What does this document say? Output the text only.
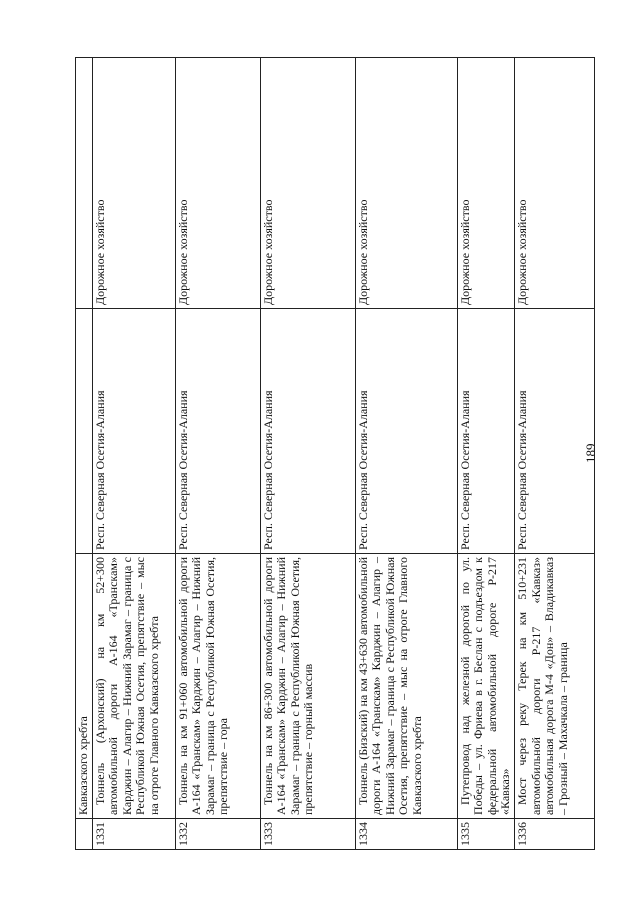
189
	Кавказского хребта		
1331	Тоннель (Архонский) на км 52+300 автомобильной дороги А-164 «Транскам» Карджин – Алагир – Нижний Зарамаг – граница с Республикой Южная Осетия, препятствие – мыс на отроге Главного Кавказского хребта	Респ. Северная Осетия-Алания	Дорожное хозяйство
1332	Тоннель на км 91+060 автомобильной дороги А-164 «Транскам» Карджин – Алагир – Нижний Зарамаг – граница с Республикой Южная Осетия, препятствие – гора	Респ. Северная Осетия-Алания	Дорожное хозяйство
1333	Тоннель на км 86+300 автомобильной дороги А-164 «Транскам» Карджин – Алагир – Нижний Зарамаг – граница с Республикой Южная Осетия, препятствие – горный массив	Респ. Северная Осетия-Алания	Дорожное хозяйство
1334	Тоннель (Бизский) на км 43+630 автомобильной дороги А-164 «Транскам» Карджин – Алагир – Нижний Зарамаг – граница с Республикой Южная Осетия, препятствие – мыс на отроге Главного Кавказского хребта	Респ. Северная Осетия-Алания	Дорожное хозяйство
1335	Путепровод над железной дорогой по ул. Победы – ул. Фриева в г. Беслан с подъездом к федеральной автомобильной дороге Р-217 «Кавказ»	Респ. Северная Осетия-Алания	Дорожное хозяйство
1336	Мост через реку Терек на км 510+231 автомобильной дороги Р-217 «Кавказ» автомобильная дорога М-4 «Дон» – Владикавказ – Грозный – Махачкала – граница	Респ. Северная Осетия-Алания	Дорожное хозяйство
